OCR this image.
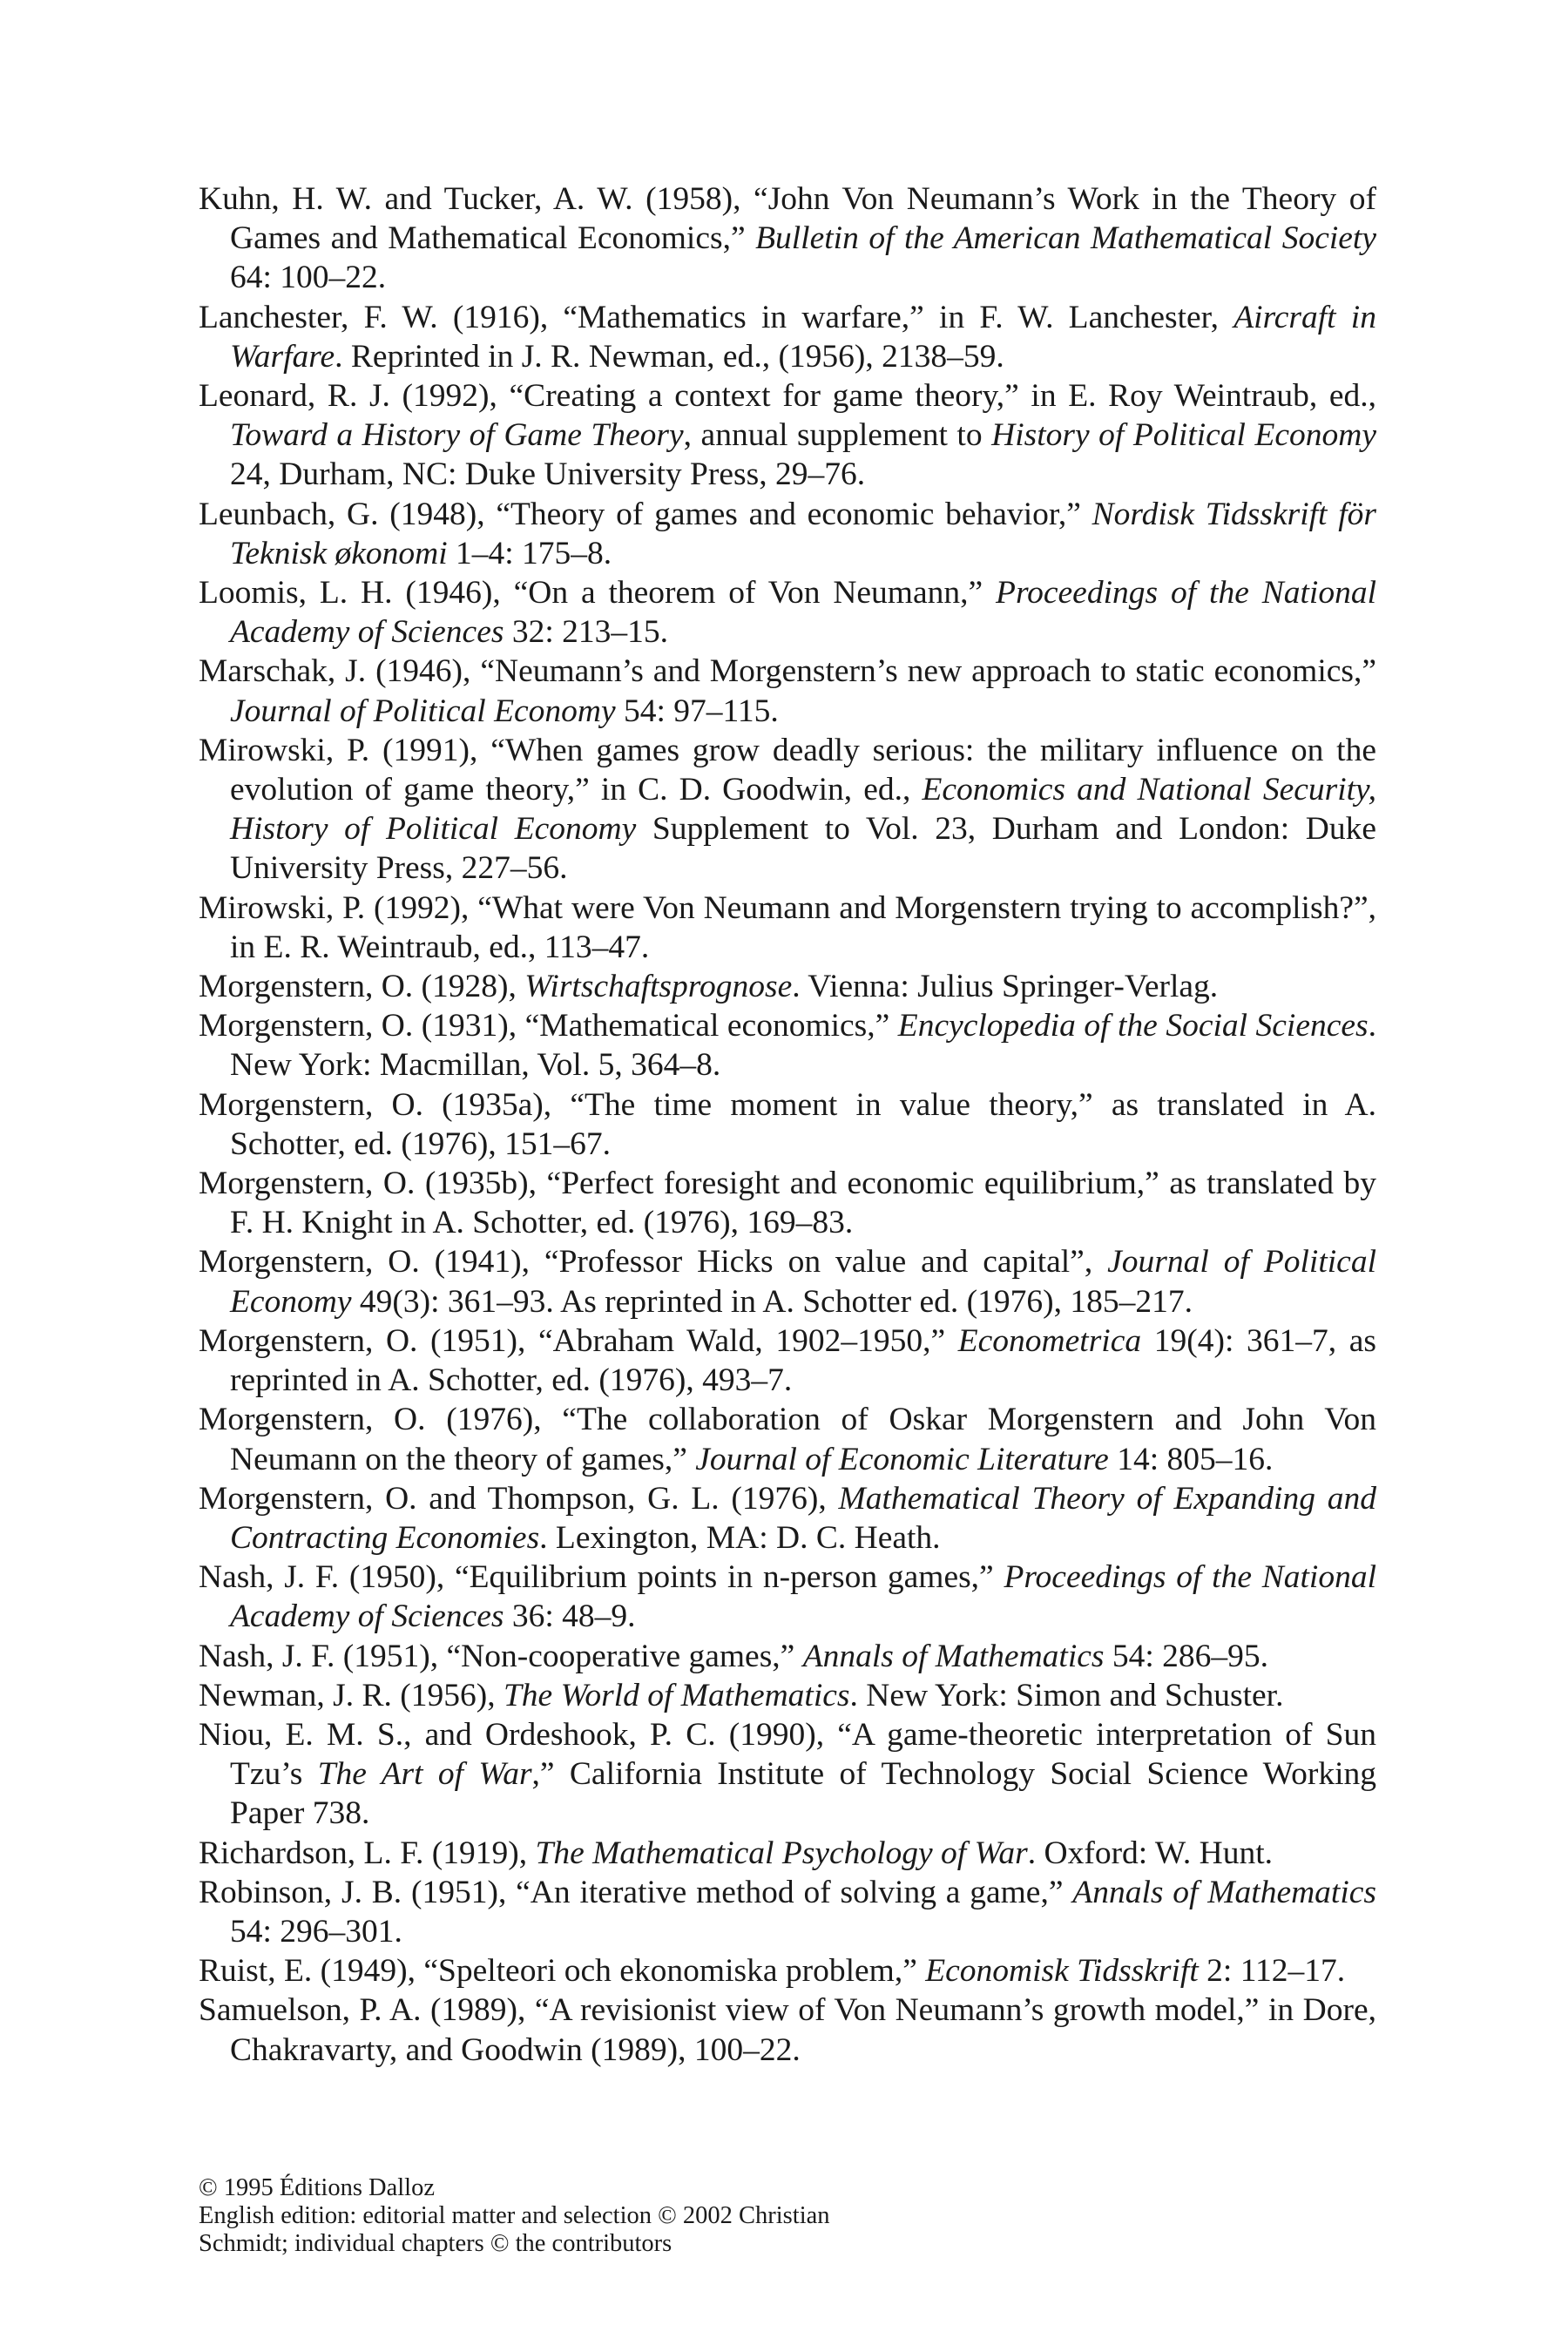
Kuhn, H. W. and Tucker, A. W. (1958), “John Von Neumann’s Work in the Theory of Games and Mathematical Economics,” Bulletin of the American Mathematical Society 64: 100–22.
Lanchester, F. W. (1916), “Mathematics in warfare,” in F. W. Lanchester, Aircraft in Warfare. Reprinted in J. R. Newman, ed., (1956), 2138–59.
Leonard, R. J. (1992), “Creating a context for game theory,” in E. Roy Weintraub, ed., Toward a History of Game Theory, annual supplement to History of Political Economy 24, Durham, NC: Duke University Press, 29–76.
Leunbach, G. (1948), “Theory of games and economic behavior,” Nordisk Tidsskrift för Teknisk økonomi 1–4: 175–8.
Loomis, L. H. (1946), “On a theorem of Von Neumann,” Proceedings of the National Academy of Sciences 32: 213–15.
Marschak, J. (1946), “Neumann’s and Morgenstern’s new approach to static economics,” Journal of Political Economy 54: 97–115.
Mirowski, P. (1991), “When games grow deadly serious: the military influence on the evolution of game theory,” in C. D. Goodwin, ed., Economics and National Security, History of Political Economy Supplement to Vol. 23, Durham and London: Duke University Press, 227–56.
Mirowski, P. (1992), “What were Von Neumann and Morgenstern trying to accomplish?”, in E. R. Weintraub, ed., 113–47.
Morgenstern, O. (1928), Wirtschaftsprognose. Vienna: Julius Springer-Verlag.
Morgenstern, O. (1931), “Mathematical economics,” Encyclopedia of the Social Sciences. New York: Macmillan, Vol. 5, 364–8.
Morgenstern, O. (1935a), “The time moment in value theory,” as translated in A. Schotter, ed. (1976), 151–67.
Morgenstern, O. (1935b), “Perfect foresight and economic equilibrium,” as translated by F. H. Knight in A. Schotter, ed. (1976), 169–83.
Morgenstern, O. (1941), “Professor Hicks on value and capital”, Journal of Political Economy 49(3): 361–93. As reprinted in A. Schotter ed. (1976), 185–217.
Morgenstern, O. (1951), “Abraham Wald, 1902–1950,” Econometrica 19(4): 361–7, as reprinted in A. Schotter, ed. (1976), 493–7.
Morgenstern, O. (1976), “The collaboration of Oskar Morgenstern and John Von Neumann on the theory of games,” Journal of Economic Literature 14: 805–16.
Morgenstern, O. and Thompson, G. L. (1976), Mathematical Theory of Expanding and Contracting Economies. Lexington, MA: D. C. Heath.
Nash, J. F. (1950), “Equilibrium points in n-person games,” Proceedings of the National Academy of Sciences 36: 48–9.
Nash, J. F. (1951), “Non-cooperative games,” Annals of Mathematics 54: 286–95.
Newman, J. R. (1956), The World of Mathematics. New York: Simon and Schuster.
Niou, E. M. S., and Ordeshook, P. C. (1990), “A game-theoretic interpretation of Sun Tzu’s The Art of War,” California Institute of Technology Social Science Working Paper 738.
Richardson, L. F. (1919), The Mathematical Psychology of War. Oxford: W. Hunt.
Robinson, J. B. (1951), “An iterative method of solving a game,” Annals of Mathematics 54: 296–301.
Ruist, E. (1949), “Spelteori och ekonomiska problem,” Economisk Tidsskrift 2: 112–17.
Samuelson, P. A. (1989), “A revisionist view of Von Neumann’s growth model,” in Dore, Chakravarty, and Goodwin (1989), 100–22.
© 1995 Éditions Dalloz
English edition: editorial matter and selection © 2002 Christian
Schmidt; individual chapters © the contributors
